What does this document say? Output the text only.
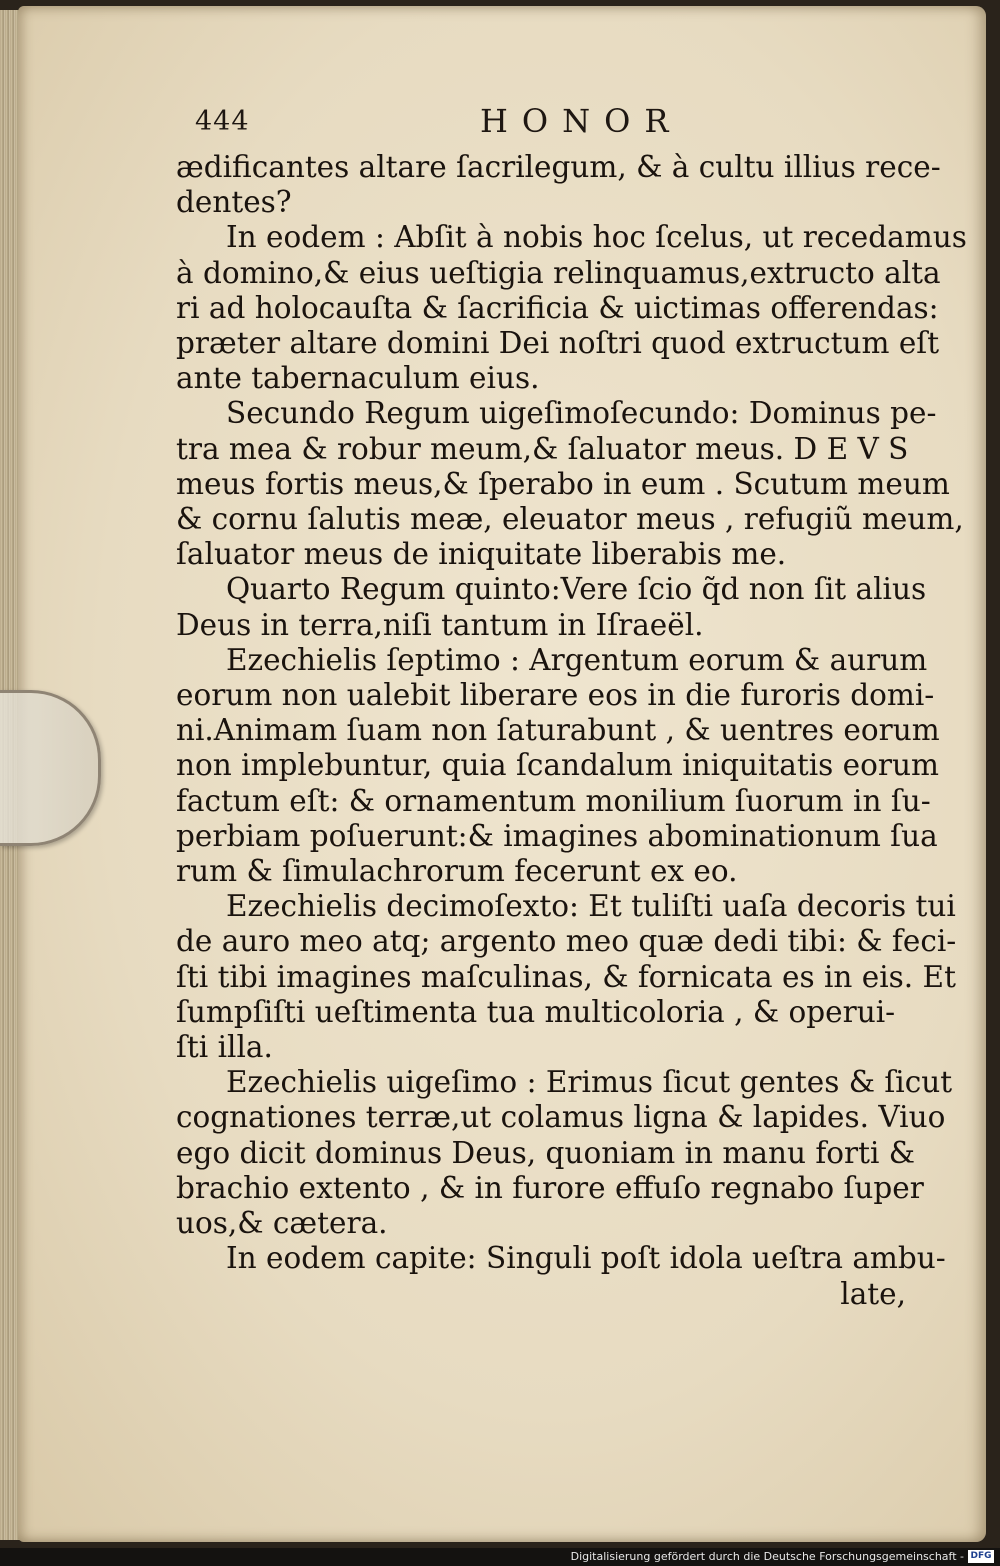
444	HONOR
ædificantes altare ſacrilegum, & à cultu illius rece-
dentes?
In eodem : Abſit à nobis hoc ſcelus, ut recedamus
à domino,& eius ueſtigia relinquamus,extructo alta
ri ad holocauſta & ſacrificia & uictimas offerendas:
præter altare domini Dei noſtri quod extructum eſt
ante tabernaculum eius.
Secundo Regum uigeſimoſecundo: Dominus pe-
tra mea & robur meum,& ſaluator meus. D E V S
meus fortis meus,& ſperabo in eum . Scutum meum
& cornu ſalutis meæ, eleuator meus , refugiũ meum,
ſaluator meus de iniquitate liberabis me.
Quarto Regum quinto:Vere ſcio q̃d non ſit alius
Deus in terra,niſi tantum in Iſraeël.
Ezechielis ſeptimo : Argentum eorum & aurum
eorum non ualebit liberare eos in die furoris domi-
ni.Animam ſuam non ſaturabunt , & uentres eorum
non implebuntur, quia ſcandalum iniquitatis eorum
factum eſt: & ornamentum monilium ſuorum in ſu-
perbiam poſuerunt:& imagines abominationum ſua
rum & ſimulachrorum fecerunt ex eo.
Ezechielis decimoſexto: Et tuliſti uaſa decoris tui
de auro meo atq; argento meo quæ dedi tibi: & feci-
ſti tibi imagines maſculinas, & fornicata es in eis. Et
ſumpſiſti ueſtimenta tua multicoloria , & operui-
ſti illa.
Ezechielis uigeſimo : Erimus ſicut gentes & ſicut
cognationes terræ,ut colamus ligna & lapides. Viuo
ego dicit dominus Deus, quoniam in manu forti &
brachio extento , & in furore effuſo regnabo ſuper
uos,& cætera.
In eodem capite: Singuli poſt idola ueſtra ambu-
late,
Digitalisierung gefördert durch die Deutsche Forschungsgemeinschaft - DFG
